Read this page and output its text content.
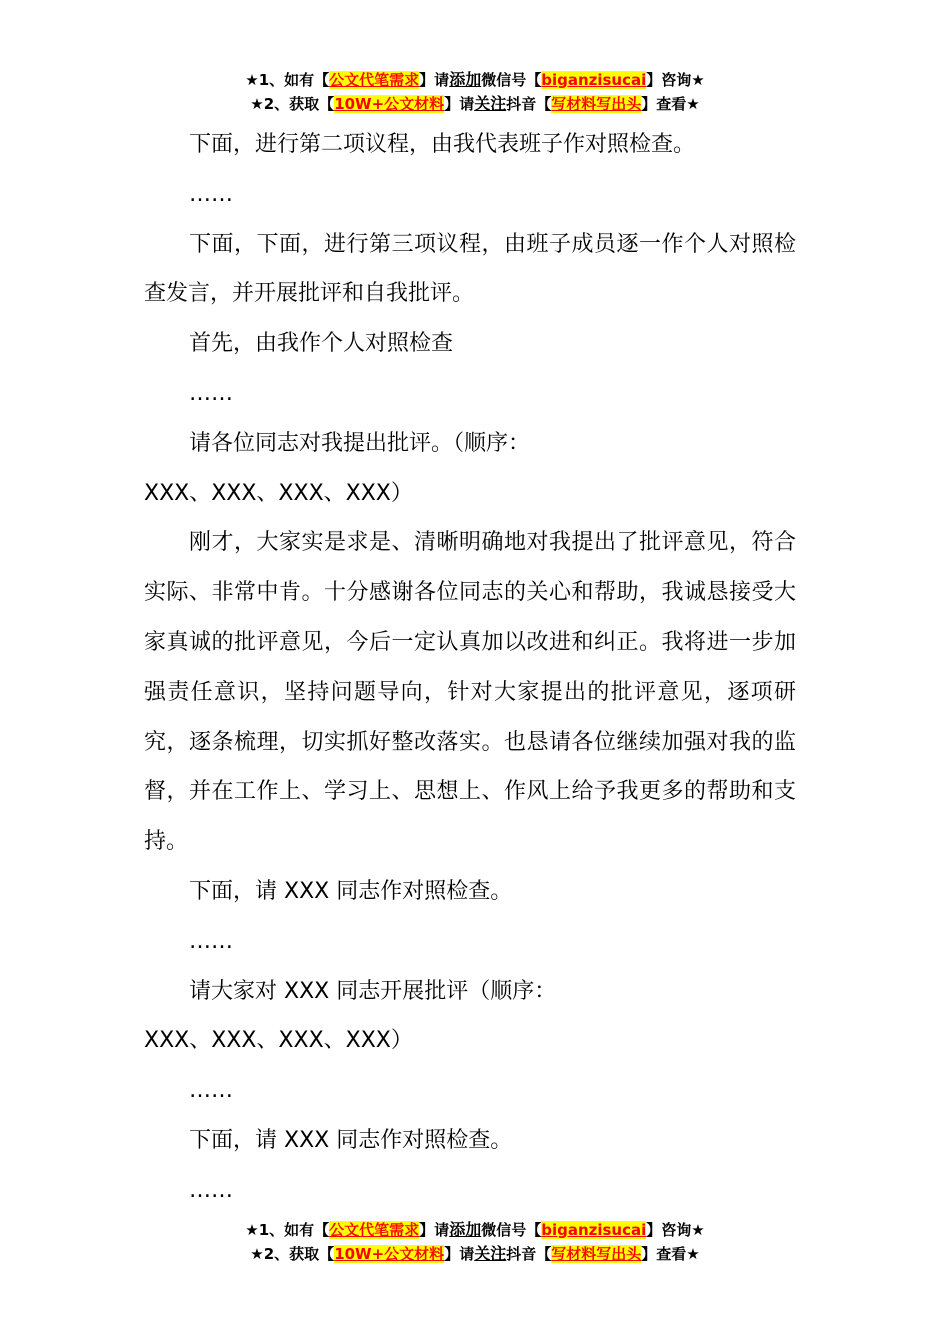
★1、如有【公文代笔需求】请添加微信号【biganzisucai】咨询★
★2、获取【10W+公文材料】请关注抖音【写材料写出头】查看★

下面，进行第二项议程，由我代表班子作对照检查。

……

下面，下面，进行第三项议程，由班子成员逐一作个人对照检查发言，并开展批评和自我批评。

首先，由我作个人对照检查

……

请各位同志对我提出批评。（顺序：

XXX、XXX、XXX、XXX）

刚才，大家实是求是、清晰明确地对我提出了批评意见，符合实际、非常中肯。十分感谢各位同志的关心和帮助，我诚恳接受大家真诚的批评意见，今后一定认真加以改进和纠正。我将进一步加强责任意识，坚持问题导向，针对大家提出的批评意见，逐项研究，逐条梳理，切实抓好整改落实。也恳请各位继续加强对我的监督，并在工作上、学习上、思想上、作风上给予我更多的帮助和支持。

下面，请 XXX 同志作对照检查。

……

请大家对 XXX 同志开展批评（顺序：

XXX、XXX、XXX、XXX）

……

下面，请 XXX 同志作对照检查。

……

★1、如有【公文代笔需求】请添加微信号【biganzisucai】咨询★
★2、获取【10W+公文材料】请关注抖音【写材料写出头】查看★
